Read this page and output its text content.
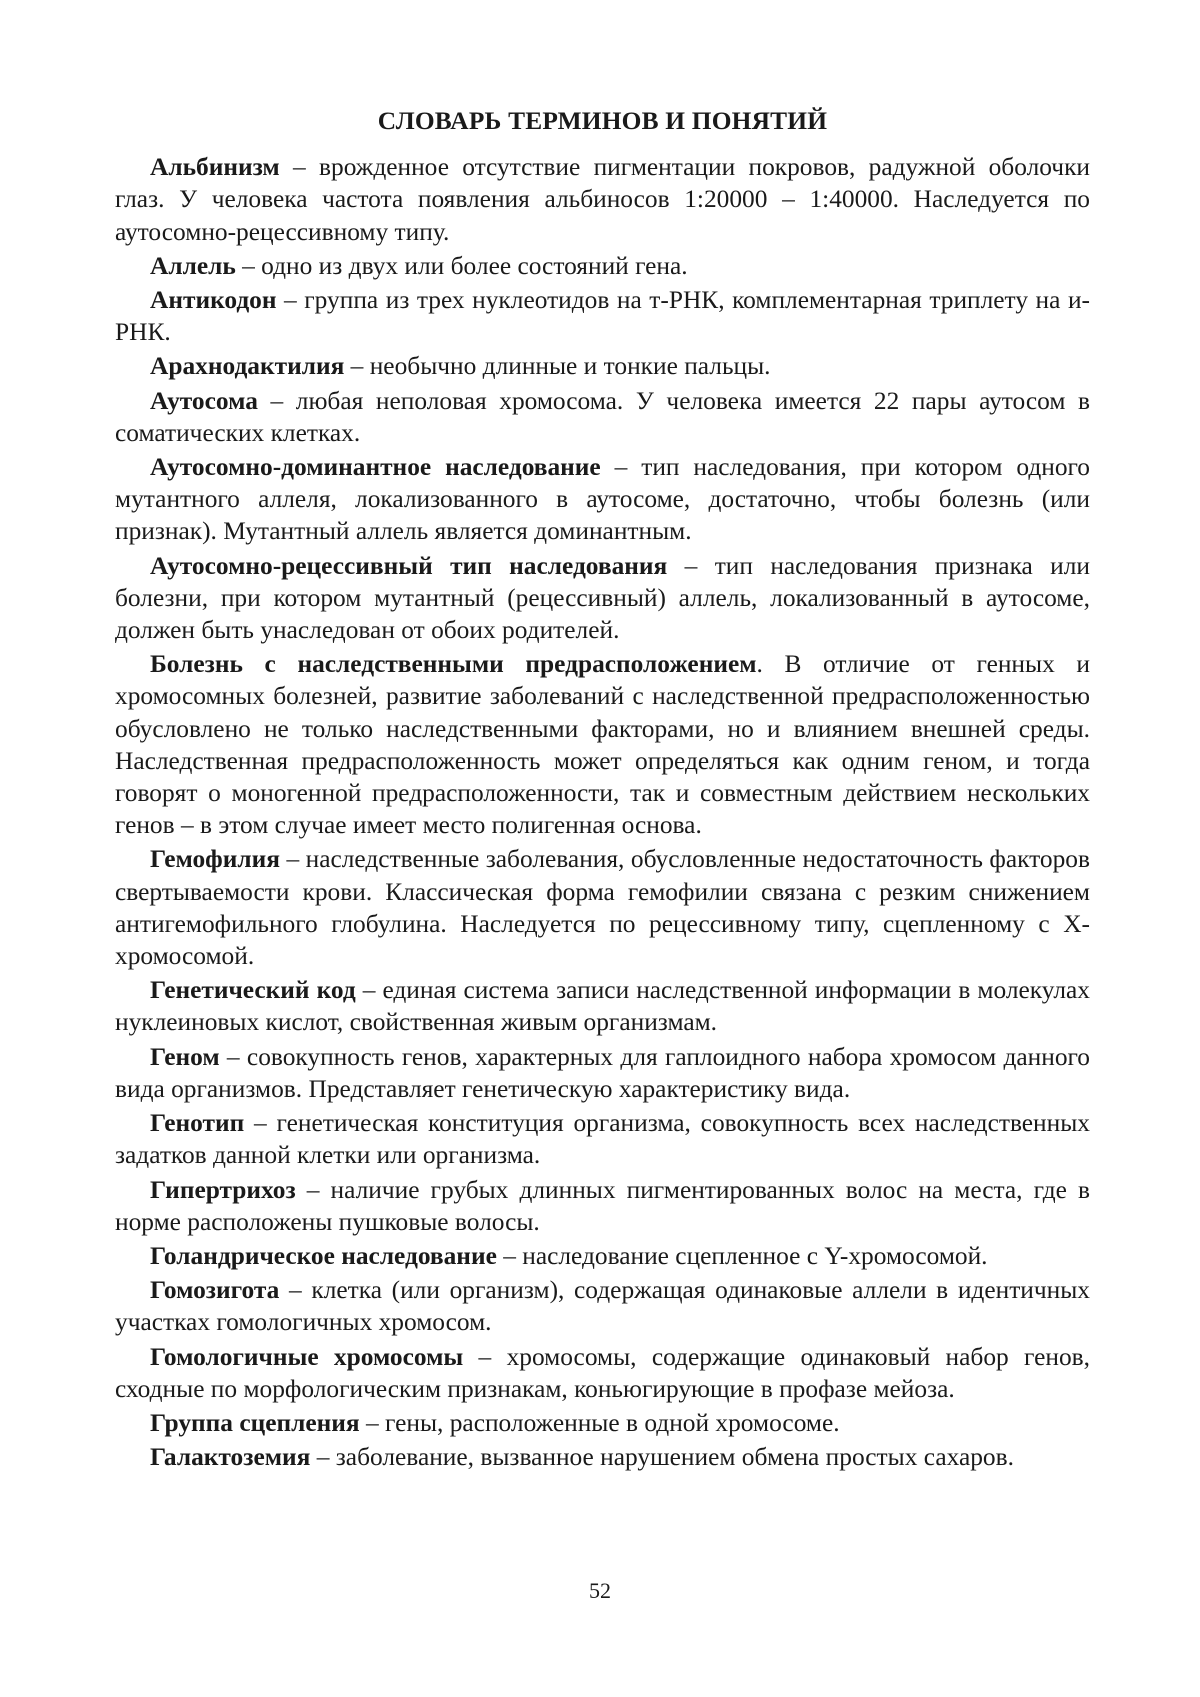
СЛОВАРЬ ТЕРМИНОВ И ПОНЯТИЙ

Альбинизм – врожденное отсутствие пигментации покровов, радужной оболочки глаз. У человека частота появления альбиносов 1:20000 – 1:40000. Наследуется по аутосомно-рецессивному типу.

Аллель – одно из двух или более состояний гена.

Антикодон – группа из трех нуклеотидов на т-РНК, комплементарная триплету на и-РНК.

Арахнодактилия – необычно длинные и тонкие пальцы.

Аутосома – любая неполовая хромосома. У человека имеется 22 пары аутосом в соматических клетках.

Аутосомно-доминантное наследование – тип наследования, при котором одного мутантного аллеля, локализованного в аутосоме, достаточно, чтобы болезнь (или признак). Мутантный аллель является доминантным.

Аутосомно-рецессивный тип наследования – тип наследования признака или болезни, при котором мутантный (рецессивный) аллель, локализованный в аутосоме, должен быть унаследован от обоих родителей.

Болезнь с наследственными предрасположением. В отличие от генных и хромосомных болезней, развитие заболеваний с наследственной предрасположенностью обусловлено не только наследственными факторами, но и влиянием внешней среды. Наследственная предрасположенность может определяться как одним геном, и тогда говорят о моногенной предрасположенности, так и совместным действием нескольких генов – в этом случае имеет место полигенная основа.

Гемофилия – наследственные заболевания, обусловленные недостаточность факторов свертываемости крови. Классическая форма гемофилии связана с резким снижением антигемофильного глобулина. Наследуется по рецессивному типу, сцепленному с Х-хромосомой.

Генетический код – единая система записи наследственной информации в молекулах нуклеиновых кислот, свойственная живым организмам.

Геном – совокупность генов, характерных для гаплоидного набора хромосом данного вида организмов. Представляет генетическую характеристику вида.

Генотип – генетическая конституция организма, совокупность всех наследственных задатков данной клетки или организма.

Гипертрихоз – наличие грубых длинных пигментированных волос на места, где в норме расположены пушковые волосы.

Голандрическое наследование – наследование сцепленное с Y-хромосомой.

Гомозигота – клетка (или организм), содержащая одинаковые аллели в идентичных участках гомологичных хромосом.

Гомологичные хромосомы – хромосомы, содержащие одинаковый набор генов, сходные по морфологическим признакам, коньюгирующие в профазе мейоза.

Группа сцепления – гены, расположенные в одной хромосоме.

Галактоземия – заболевание, вызванное нарушением обмена простых сахаров.

52
